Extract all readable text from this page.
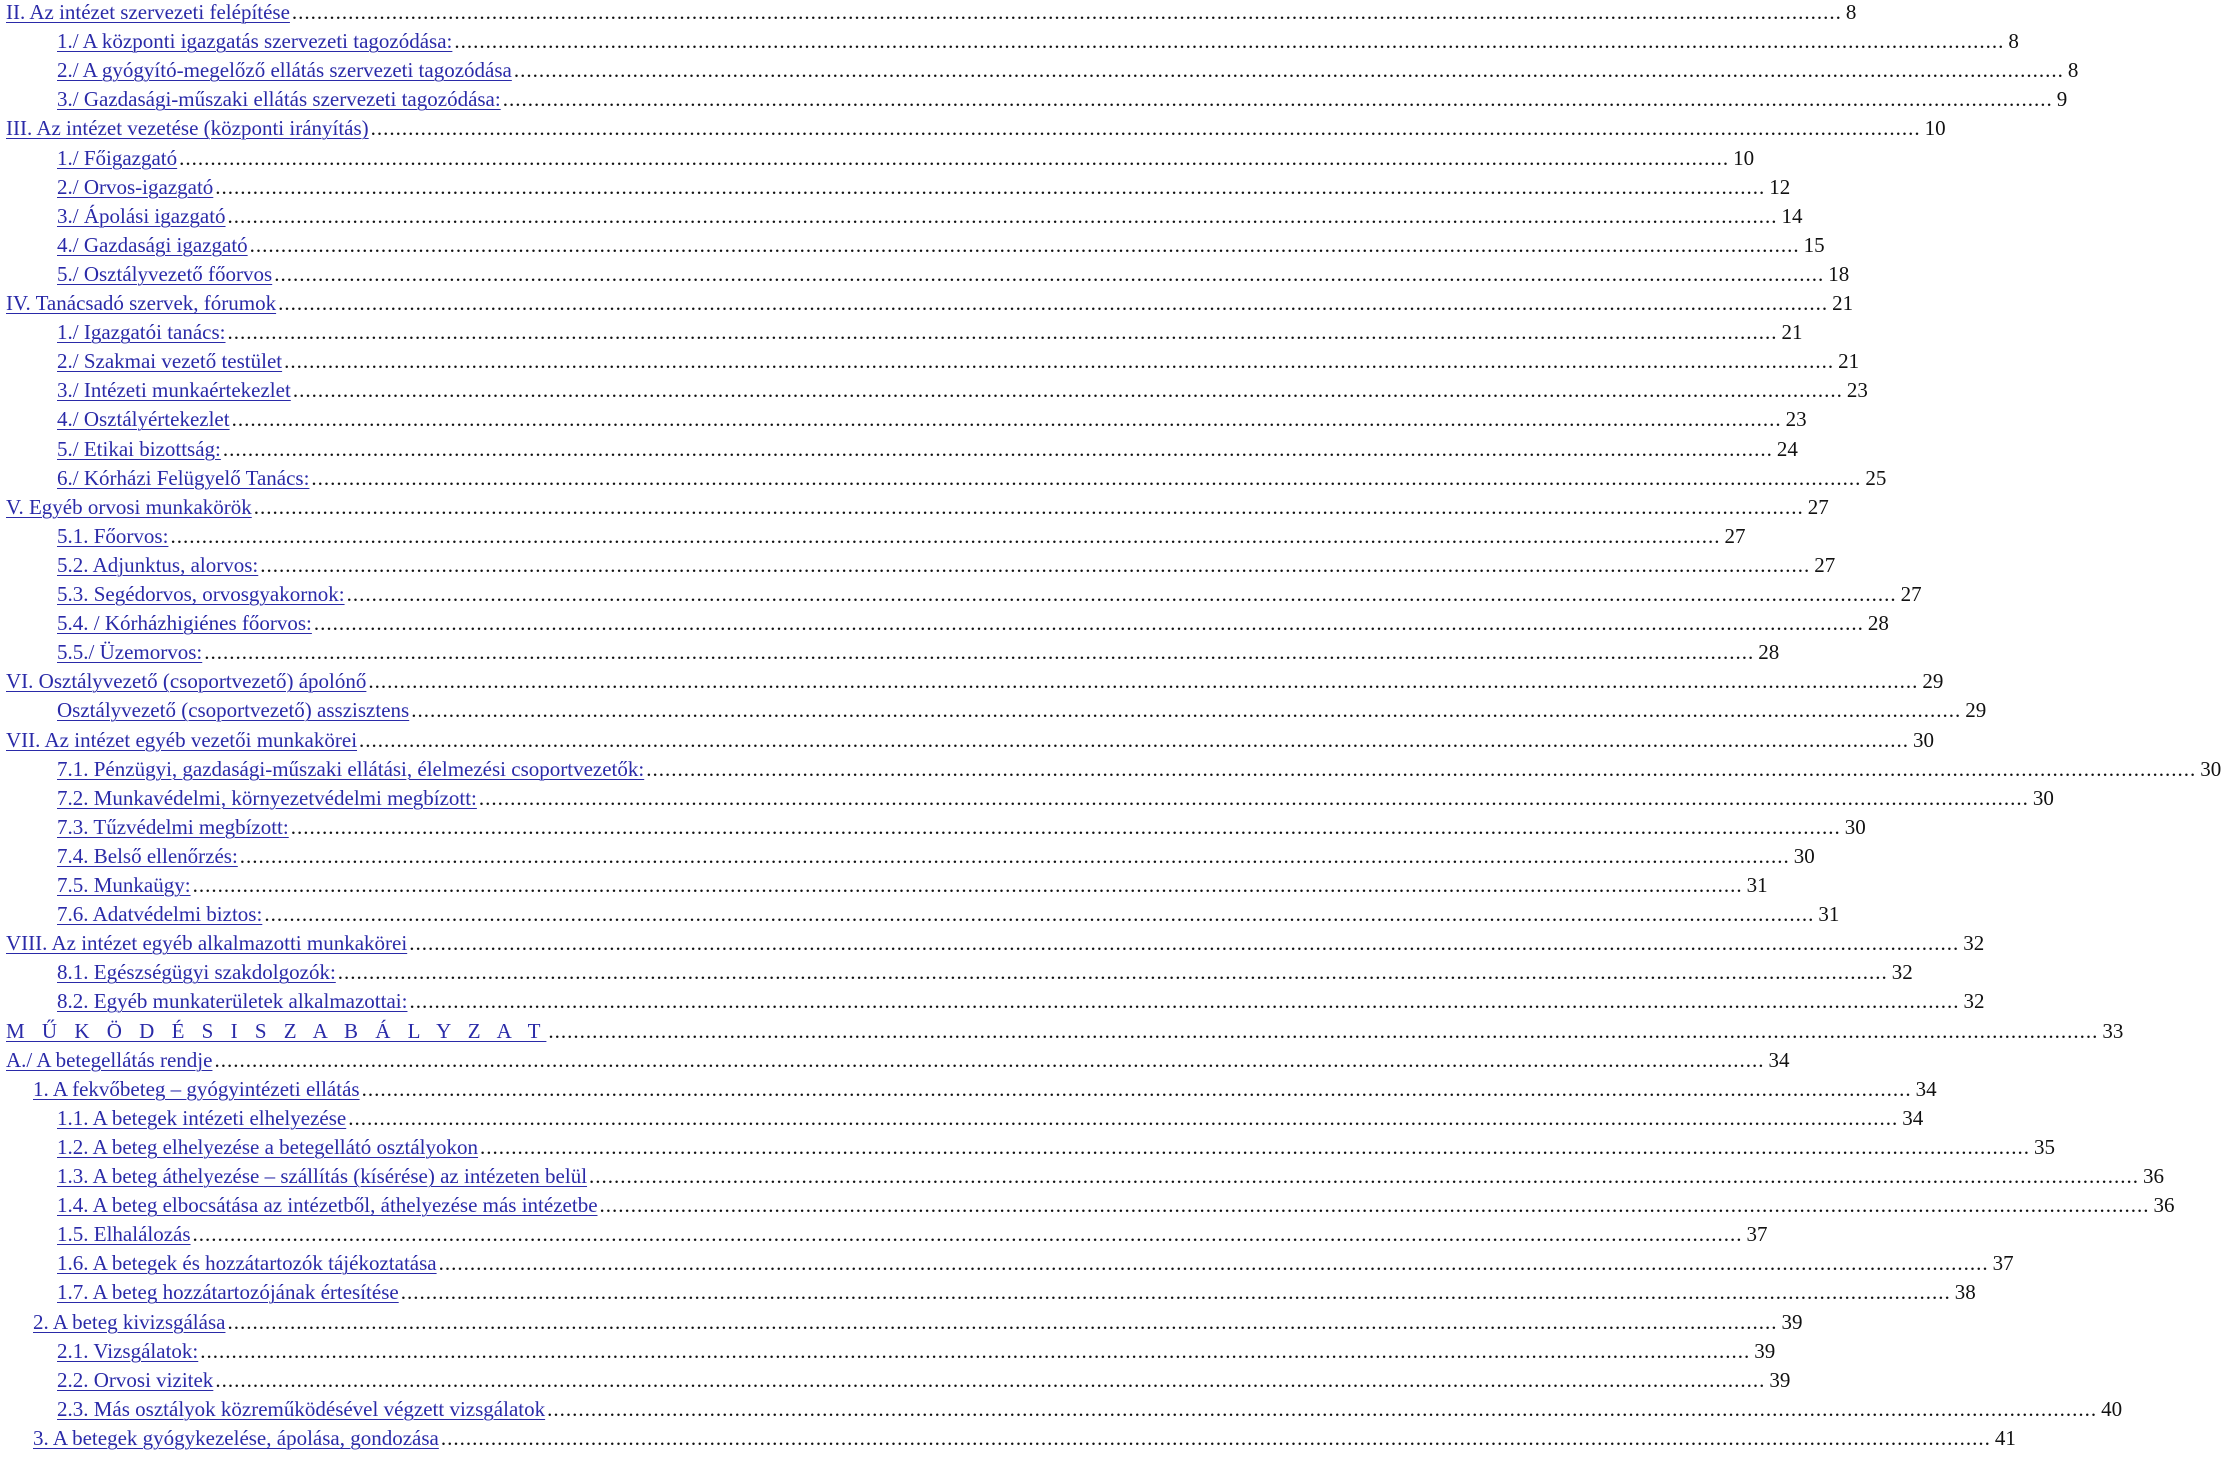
II. Az intézet szervezeti felépítése .....	8
1./ A központi igazgatás szervezeti tagozódása: .....	8
2./ A gyógyító-megelőző ellátás szervezeti tagozódása .....	8
3./ Gazdasági-műszaki ellátás szervezeti tagozódása: .....	9
III. Az intézet vezetése (központi irányítás) .....	10
1./ Főigazgató .....	10
2./ Orvos-igazgató .....	12
3./ Ápolási igazgató .....	14
4./ Gazdasági igazgató .....	15
5./ Osztályvezető főorvos .....	18
IV. Tanácsadó szervek, fórumok .....	21
1./ Igazgatói tanács: .....	21
2./ Szakmai vezető testület .....	21
3./ Intézeti munkaértekezlet .....	23
4./ Osztályértekezlet .....	23
5./ Etikai bizottság: .....	24
6./ Kórházi Felügyelő Tanács: .....	25
V. Egyéb orvosi munkakörök .....	27
5.1. Főorvos: .....	27
5.2. Adjunktus, alorvos: .....	27
5.3. Segédorvos, orvosgyakornok: .....	27
5.4. / Kórházhigiénes főorvos: .....	28
5.5./ Üzemorvos: .....	28
VI. Osztályvezető (csoportvezető) ápolónő .....	29
Osztályvezető (csoportvezető) asszisztens .....	29
VII. Az intézet egyéb vezetői munkakörei .....	30
7.1. Pénzügyi, gazdasági-műszaki ellátási, élelmezési csoportvezetők: .....	30
7.2. Munkavédelmi, környezetvédelmi megbízott: .....	30
7.3. Tűzvédelmi megbízott: .....	30
7.4. Belső ellenőrzés: .....	30
7.5. Munkaügy: .....	31
7.6. Adatvédelmi biztos: .....	31
VIII. Az intézet egyéb alkalmazotti munkakörei .....	32
8.1. Egészségügyi szakdolgozók: .....	32
8.2. Egyéb munkaterületek alkalmazottai: .....	32
M Ű K Ö D É S I S Z A B Á L Y Z A T .....	33
A./ A betegellátás rendje .....	34
1. A fekvőbeteg – gyógyintézeti ellátás .....	34
1.1. A betegek intézeti elhelyezése .....	34
1.2. A beteg elhelyezése a betegellátó osztályokon .....	35
1.3. A beteg áthelyezése – szállítás (kísérése) az intézeten belül .....	36
1.4. A beteg elbocsátása az intézetből, áthelyezése más intézetbe .....	36
1.5. Elhalálozás .....	37
1.6. A betegek és hozzátartozók tájékoztatása .....	37
1.7. A beteg hozzátartozójának értesítése .....	38
2. A beteg kivizsgálása .....	39
2.1. Vizsgálatok: .....	39
2.2. Orvosi vizitek .....	39
2.3. Más osztályok közreműködésével végzett vizsgálatok .....	40
3. A betegek gyógykezelése, ápolása, gondozása .....	41
